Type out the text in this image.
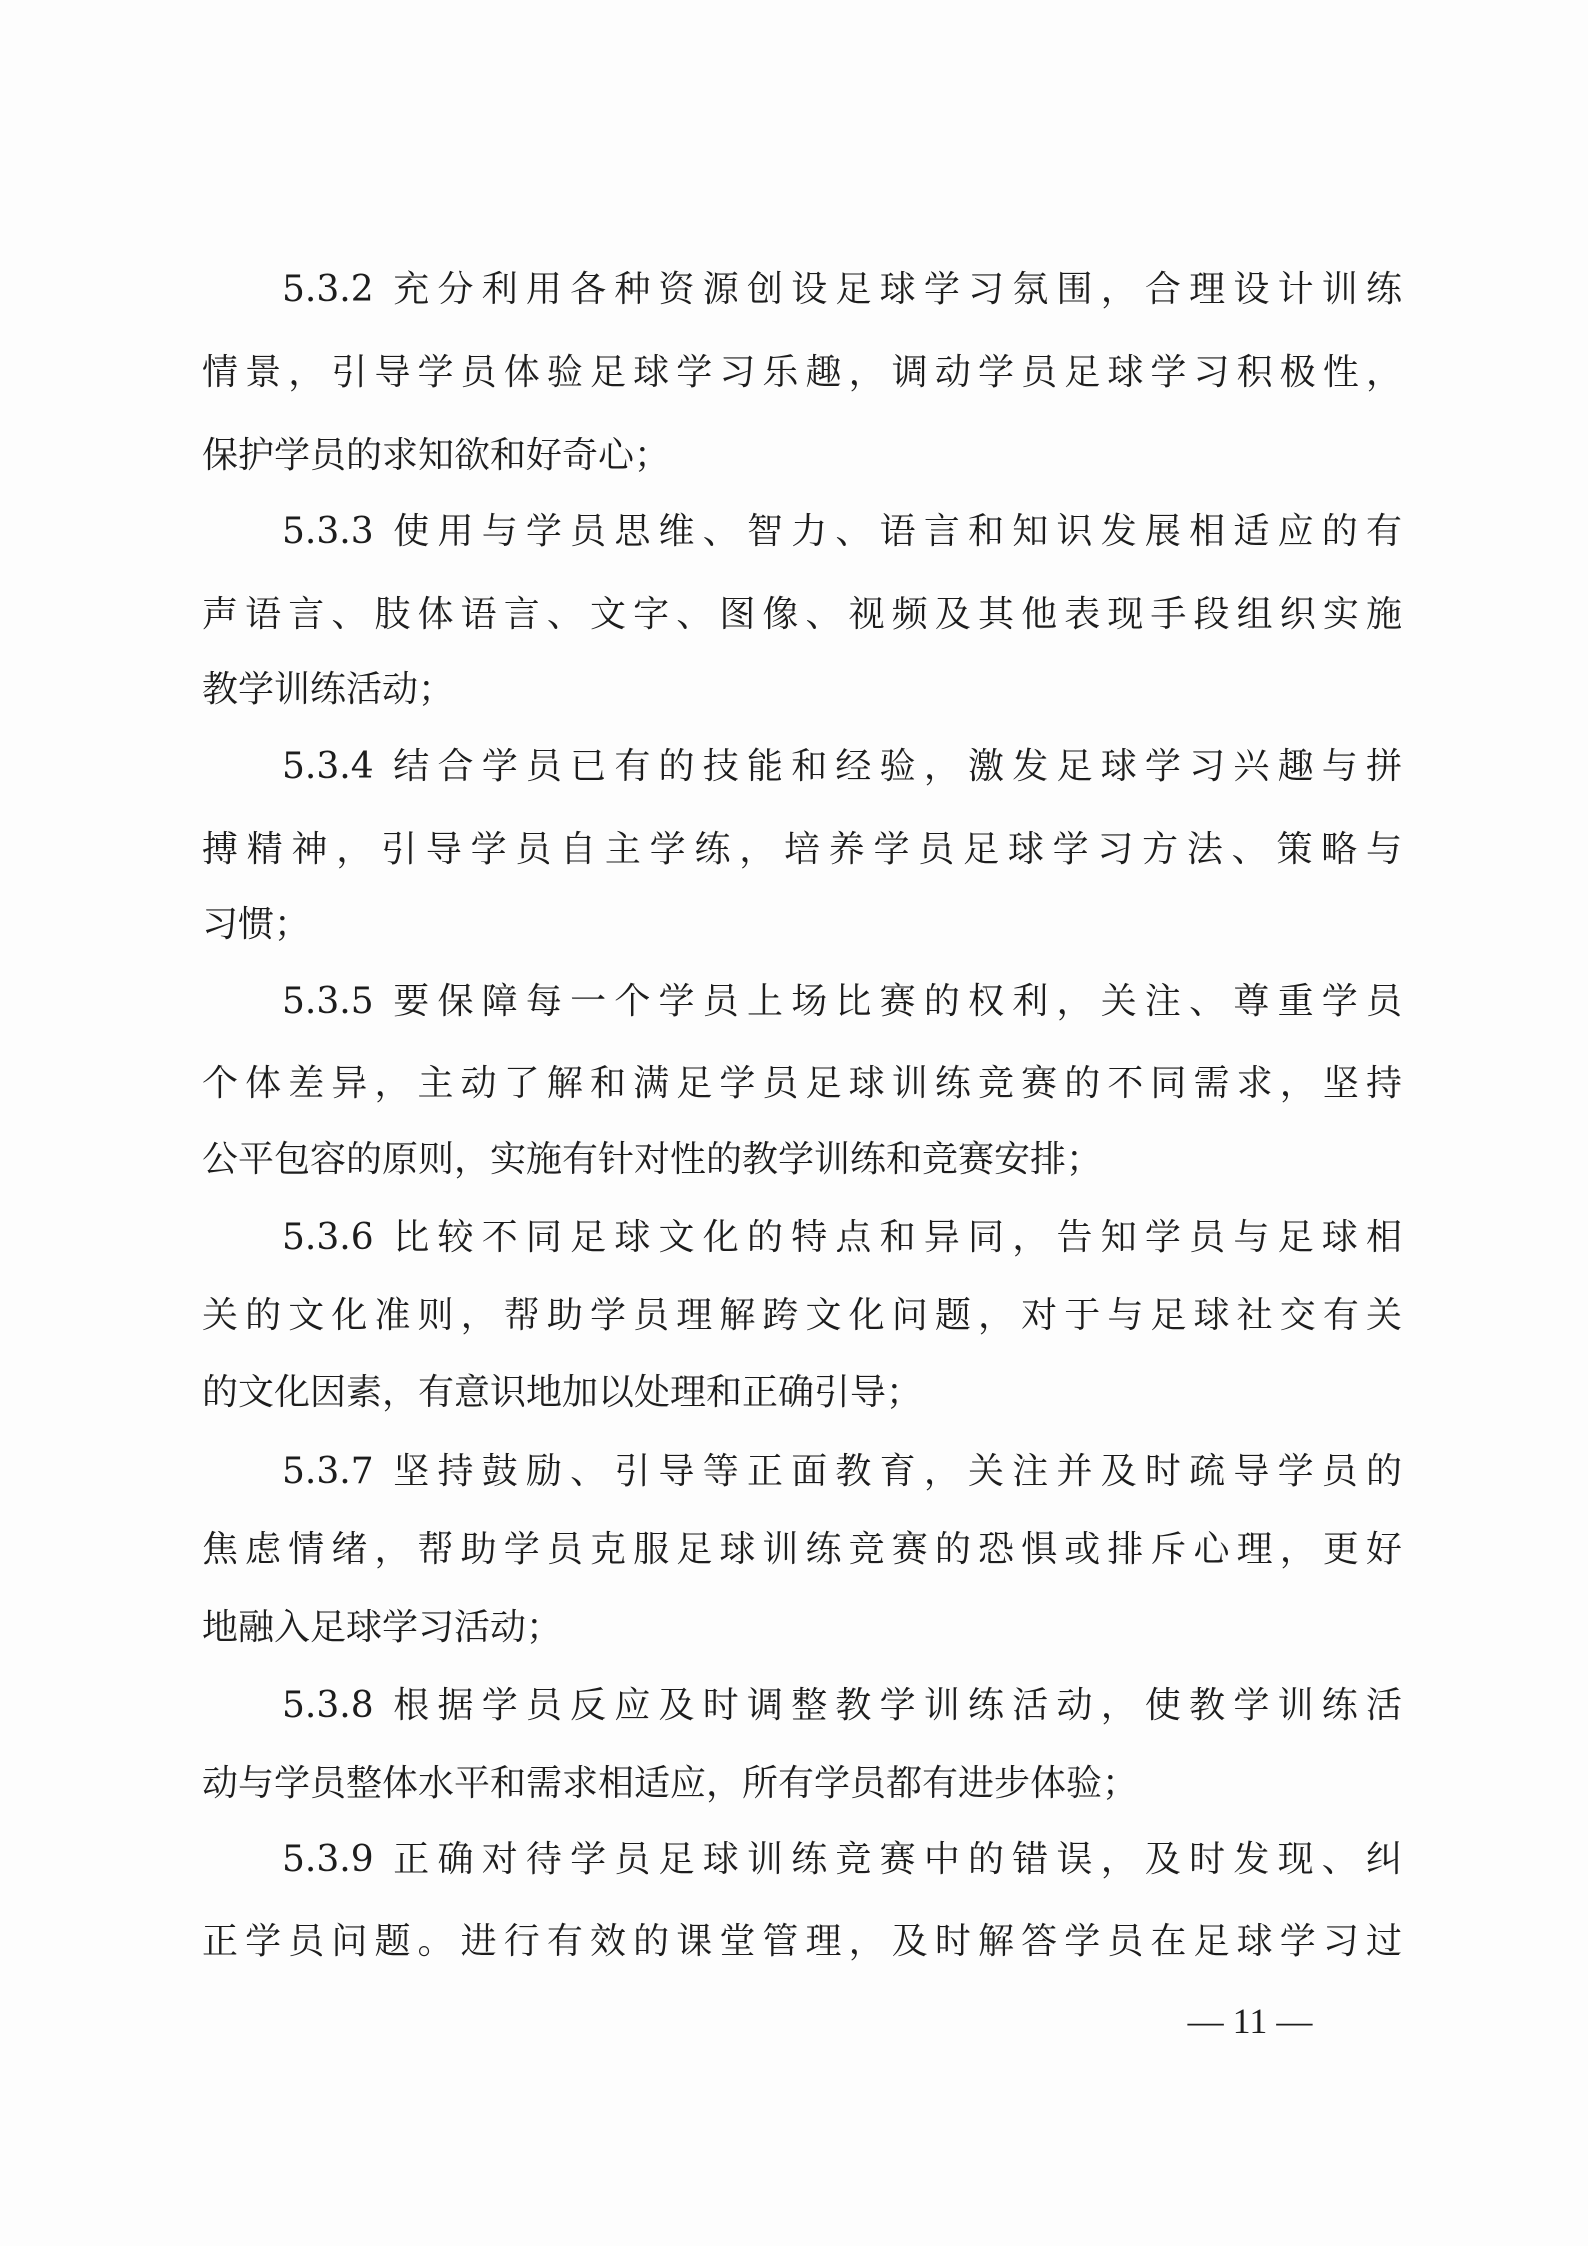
5.3.2 充分利用各种资源创设足球学习氛围，合理设计训练
情景，引导学员体验足球学习乐趣，调动学员足球学习积极性，
保护学员的求知欲和好奇心；
5.3.3 使用与学员思维、智力、语言和知识发展相适应的有
声语言、肢体语言、文字、图像、视频及其他表现手段组织实施
教学训练活动；
5.3.4 结合学员已有的技能和经验，激发足球学习兴趣与拼
搏精神，引导学员自主学练，培养学员足球学习方法、策略与
习惯；
5.3.5 要保障每一个学员上场比赛的权利，关注、尊重学员
个体差异，主动了解和满足学员足球训练竞赛的不同需求，坚持
公平包容的原则，实施有针对性的教学训练和竞赛安排；
5.3.6 比较不同足球文化的特点和异同，告知学员与足球相
关的文化准则，帮助学员理解跨文化问题，对于与足球社交有关
的文化因素，有意识地加以处理和正确引导；
5.3.7 坚持鼓励、引导等正面教育，关注并及时疏导学员的
焦虑情绪，帮助学员克服足球训练竞赛的恐惧或排斥心理，更好
地融入足球学习活动；
5.3.8 根据学员反应及时调整教学训练活动，使教学训练活
动与学员整体水平和需求相适应，所有学员都有进步体验；
5.3.9 正确对待学员足球训练竞赛中的错误，及时发现、纠
正学员问题。进行有效的课堂管理，及时解答学员在足球学习过
— 11 —
